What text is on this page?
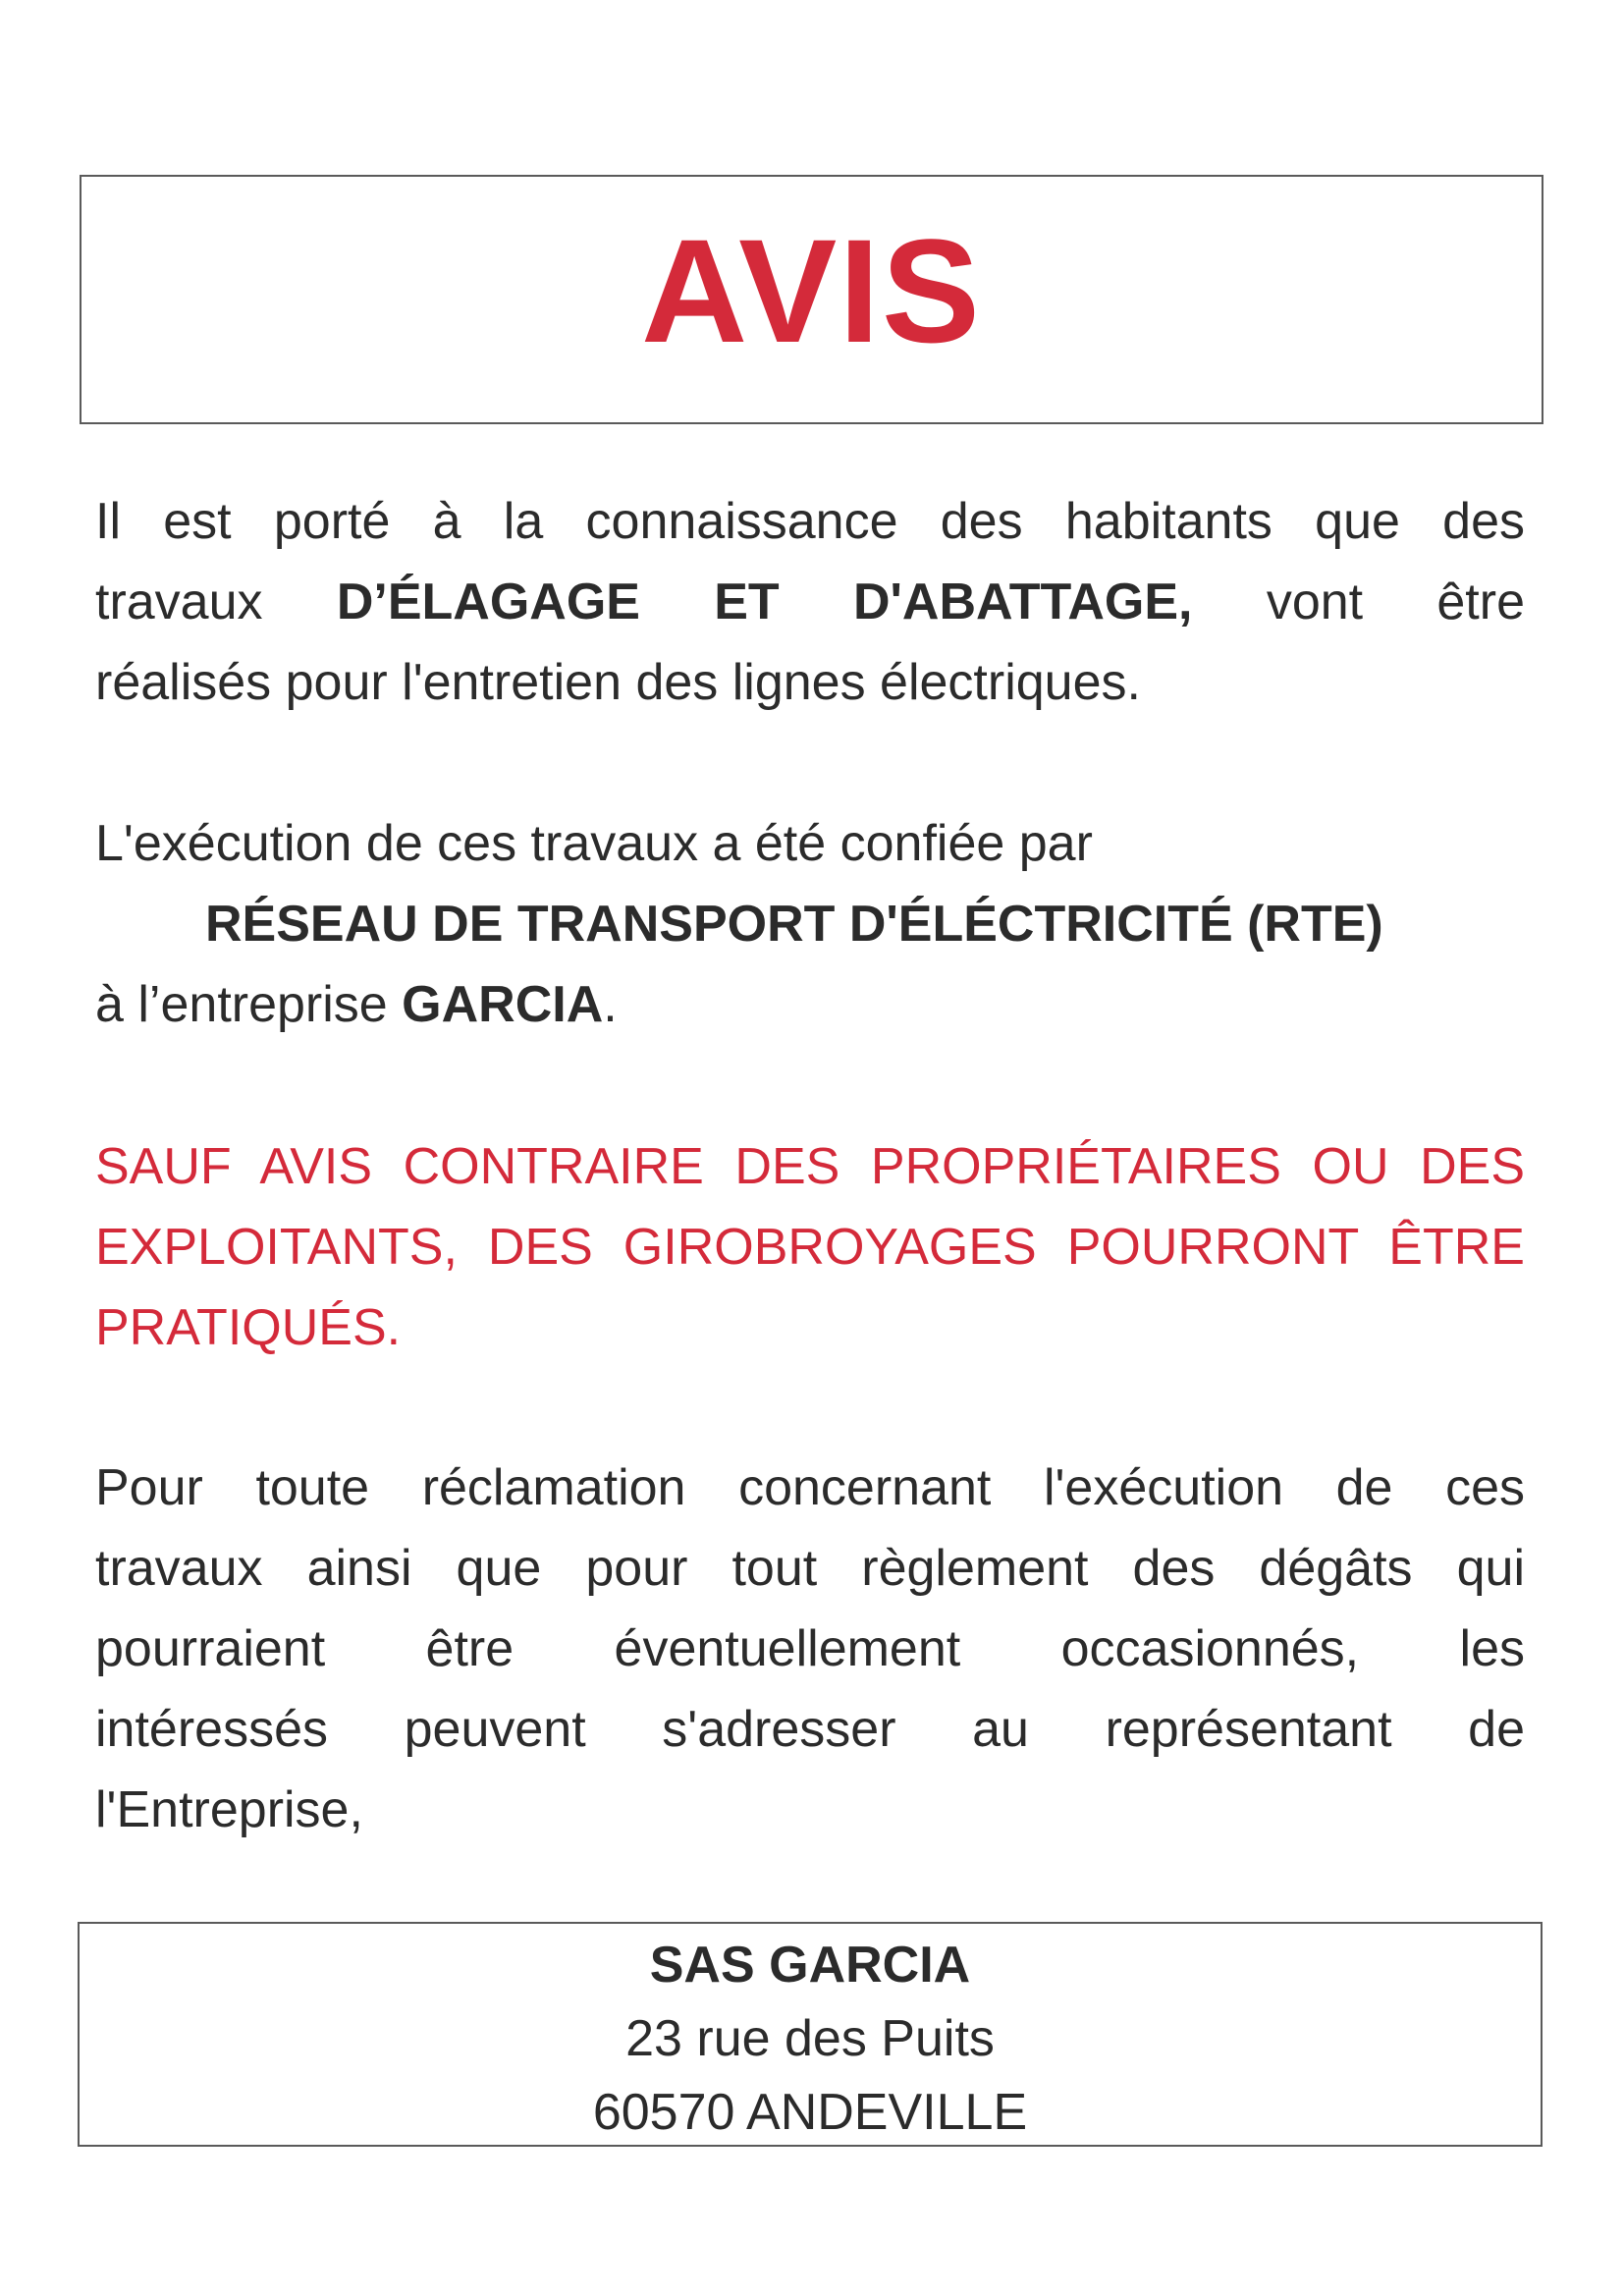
AVIS

Il est porté à la connaissance des habitants que des
travaux D’ÉLAGAGE ET D'ABATTAGE, vont être
réalisés pour l'entretien des lignes électriques.

L'exécution de ces travaux a été confiée par
RÉSEAU DE TRANSPORT D'ÉLÉCTRICITÉ (RTE)
à l’entreprise GARCIA.

SAUF AVIS CONTRAIRE DES PROPRIÉTAIRES OU DES
EXPLOITANTS, DES GIROBROYAGES POURRONT ÊTRE
PRATIQUÉS.

Pour toute réclamation concernant l'exécution de ces
travaux ainsi que pour tout règlement des dégâts qui
pourraient être éventuellement occasionnés, les
intéressés peuvent s'adresser au représentant de
l'Entreprise,

SAS GARCIA
23 rue des Puits
60570 ANDEVILLE
